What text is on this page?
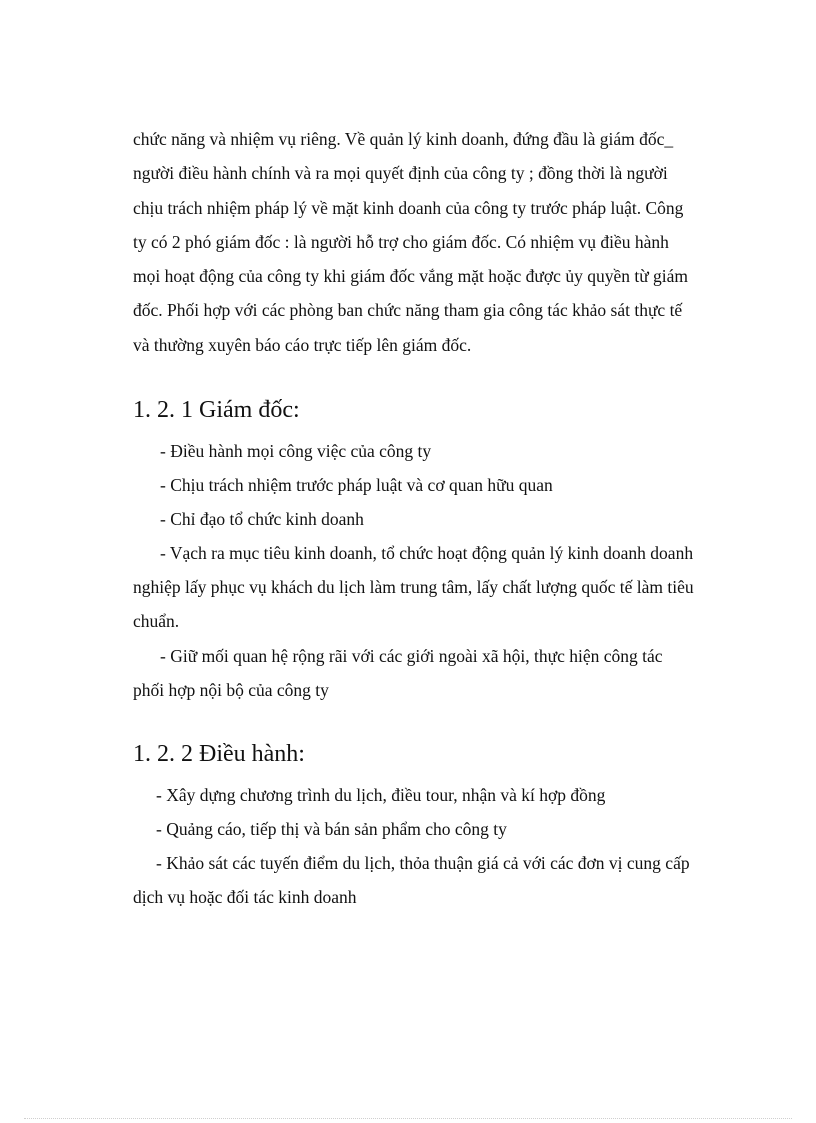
chức năng và nhiệm vụ riêng. Về quản lý kinh doanh, đứng đầu là giám đốc_
người điều hành chính và ra mọi quyết định của công ty ; đồng thời là người
chịu trách nhiệm pháp lý về mặt kinh doanh của công ty trước pháp luật. Công
ty có 2 phó giám đốc : là người hỗ trợ cho giám đốc. Có nhiệm vụ điều hành
mọi hoạt động của công ty khi giám đốc vắng mặt hoặc được ủy quyền từ giám
đốc. Phối hợp với các phòng ban chức năng tham gia công tác khảo sát thực tế
và thường xuyên báo cáo trực tiếp lên giám đốc.
1. 2. 1 Giám đốc:
- Điều hành mọi công việc của công ty
- Chịu trách nhiệm trước pháp luật và cơ quan hữu quan
- Chỉ đạo tổ chức kinh doanh
- Vạch ra mục tiêu kinh doanh, tổ chức hoạt động quản lý kinh doanh doanh
nghiệp lấy phục vụ khách du lịch làm trung tâm, lấy chất lượng quốc tế làm tiêu
chuẩn.
- Giữ mối quan hệ rộng rãi với các giới ngoài xã hội, thực hiện công tác
phối hợp nội bộ của công ty
1. 2. 2 Điều hành:
- Xây dựng chương trình du lịch, điều tour, nhận và kí hợp đồng
- Quảng cáo, tiếp thị và bán sản phẩm cho công ty
- Khảo sát các tuyến điểm du lịch, thỏa thuận giá cả với các đơn vị cung cấp
dịch vụ hoặc đối tác kinh doanh
